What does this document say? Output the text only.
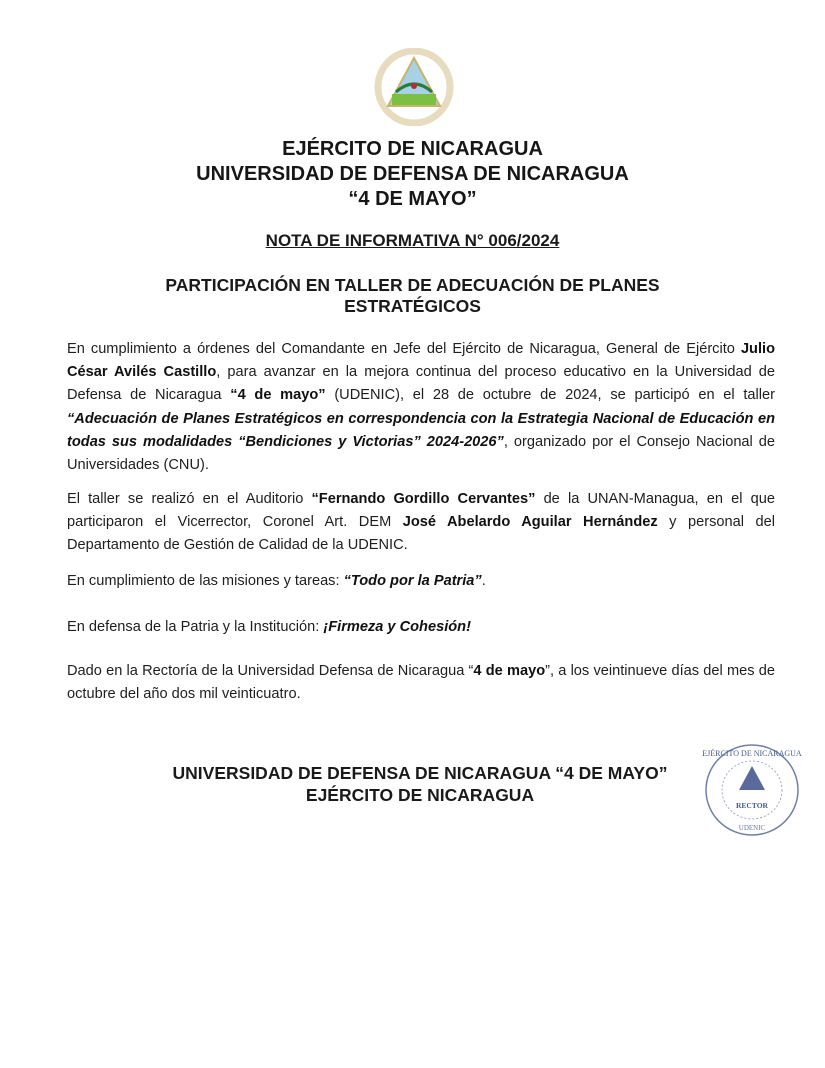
EJÉRCITO DE NICARAGUA
UNIVERSIDAD DE DEFENSA DE NICARAGUA
“4 DE MAYO”
NOTA DE INFORMATIVA N° 006/2024
PARTICIPACIÓN EN TALLER DE ADECUACIÓN DE PLANES
ESTRATÉGICOS

En cumplimiento a órdenes del Comandante en Jefe del Ejército de Nicaragua, General de Ejército Julio César Avilés Castillo, para avanzar en la mejora continua del proceso educativo en la Universidad de Defensa de Nicaragua “4 de mayo” (UDENIC), el 28 de octubre de 2024, se participó en el taller “Adecuación de Planes Estratégicos en correspondencia con la Estrategia Nacional de Educación en todas sus modalidades “Bendiciones y Victorias” 2024-2026”, organizado por el Consejo Nacional de Universidades (CNU).

El taller se realizó en el Auditorio “Fernando Gordillo Cervantes” de la UNAN-Managua, en el que participaron el Vicerrector, Coronel Art. DEM José Abelardo Aguilar Hernández y personal del Departamento de Gestión de Calidad de la UDENIC.

En cumplimiento de las misiones y tareas: “Todo por la Patria”.

En defensa de la Patria y la Institución: ¡Firmeza y Cohesión!

Dado en la Rectoría de la Universidad Defensa de Nicaragua “4 de mayo”, a los veintinueve días del mes de octubre del año dos mil veinticuatro.

UNIVERSIDAD DE DEFENSA DE NICARAGUA “4 DE MAYO”
EJÉRCITO DE NICARAGUA
RECTOR
UDENIC
EJÉRCITO DE NICARAGUA
